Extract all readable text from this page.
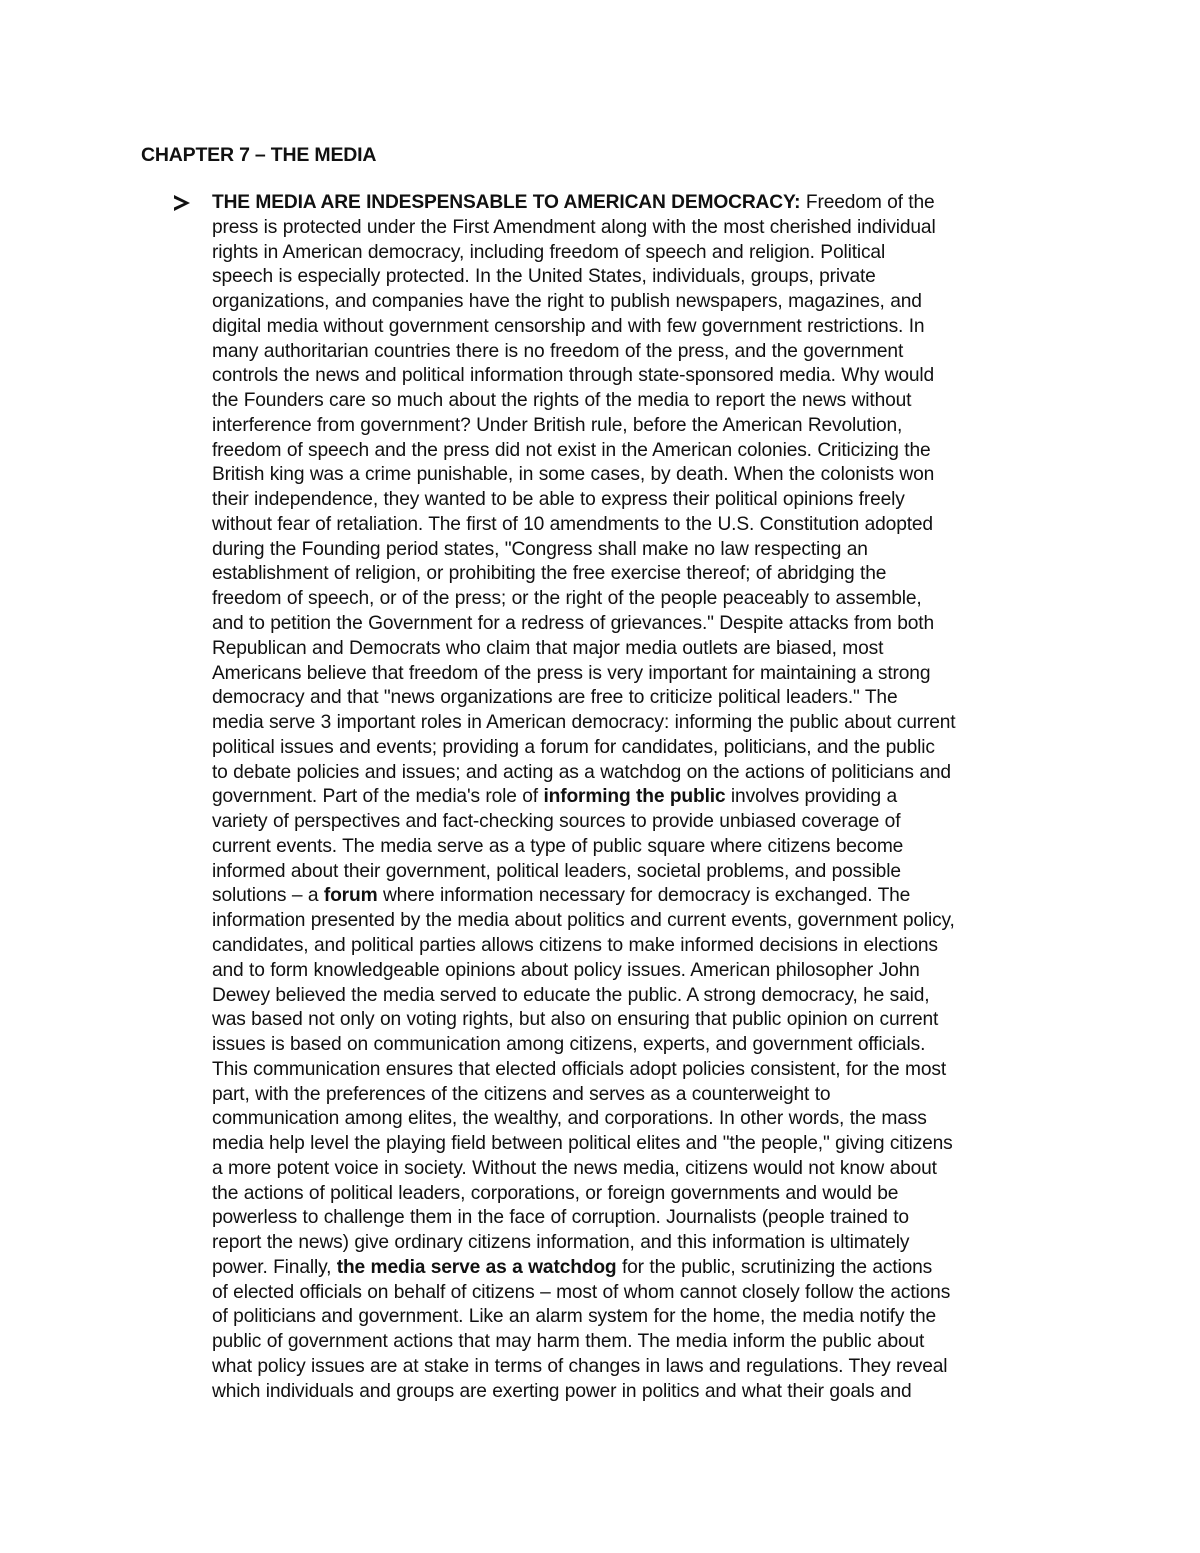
CHAPTER 7 – THE MEDIA
THE MEDIA ARE INDESPENSABLE TO AMERICAN DEMOCRACY: Freedom of the
press is protected under the First Amendment along with the most cherished individual
rights in American democracy, including freedom of speech and religion. Political
speech is especially protected. In the United States, individuals, groups, private
organizations, and companies have the right to publish newspapers, magazines, and
digital media without government censorship and with few government restrictions. In
many authoritarian countries there is no freedom of the press, and the government
controls the news and political information through state-sponsored media. Why would
the Founders care so much about the rights of the media to report the news without
interference from government? Under British rule, before the American Revolution,
freedom of speech and the press did not exist in the American colonies. Criticizing the
British king was a crime punishable, in some cases, by death. When the colonists won
their independence, they wanted to be able to express their political opinions freely
without fear of retaliation. The first of 10 amendments to the U.S. Constitution adopted
during the Founding period states, "Congress shall make no law respecting an
establishment of religion, or prohibiting the free exercise thereof; of abridging the
freedom of speech, or of the press; or the right of the people peaceably to assemble,
and to petition the Government for a redress of grievances." Despite attacks from both
Republican and Democrats who claim that major media outlets are biased, most
Americans believe that freedom of the press is very important for maintaining a strong
democracy and that "news organizations are free to criticize political leaders." The
media serve 3 important roles in American democracy: informing the public about current
political issues and events; providing a forum for candidates, politicians, and the public
to debate policies and issues; and acting as a watchdog on the actions of politicians and
government. Part of the media's role of informing the public involves providing a
variety of perspectives and fact-checking sources to provide unbiased coverage of
current events. The media serve as a type of public square where citizens become
informed about their government, political leaders, societal problems, and possible
solutions – a forum where information necessary for democracy is exchanged. The
information presented by the media about politics and current events, government policy,
candidates, and political parties allows citizens to make informed decisions in elections
and to form knowledgeable opinions about policy issues. American philosopher John
Dewey believed the media served to educate the public. A strong democracy, he said,
was based not only on voting rights, but also on ensuring that public opinion on current
issues is based on communication among citizens, experts, and government officials.
This communication ensures that elected officials adopt policies consistent, for the most
part, with the preferences of the citizens and serves as a counterweight to
communication among elites, the wealthy, and corporations. In other words, the mass
media help level the playing field between political elites and "the people," giving citizens
a more potent voice in society. Without the news media, citizens would not know about
the actions of political leaders, corporations, or foreign governments and would be
powerless to challenge them in the face of corruption. Journalists (people trained to
report the news) give ordinary citizens information, and this information is ultimately
power. Finally, the media serve as a watchdog for the public, scrutinizing the actions
of elected officials on behalf of citizens – most of whom cannot closely follow the actions
of politicians and government. Like an alarm system for the home, the media notify the
public of government actions that may harm them. The media inform the public about
what policy issues are at stake in terms of changes in laws and regulations. They reveal
which individuals and groups are exerting power in politics and what their goals and
